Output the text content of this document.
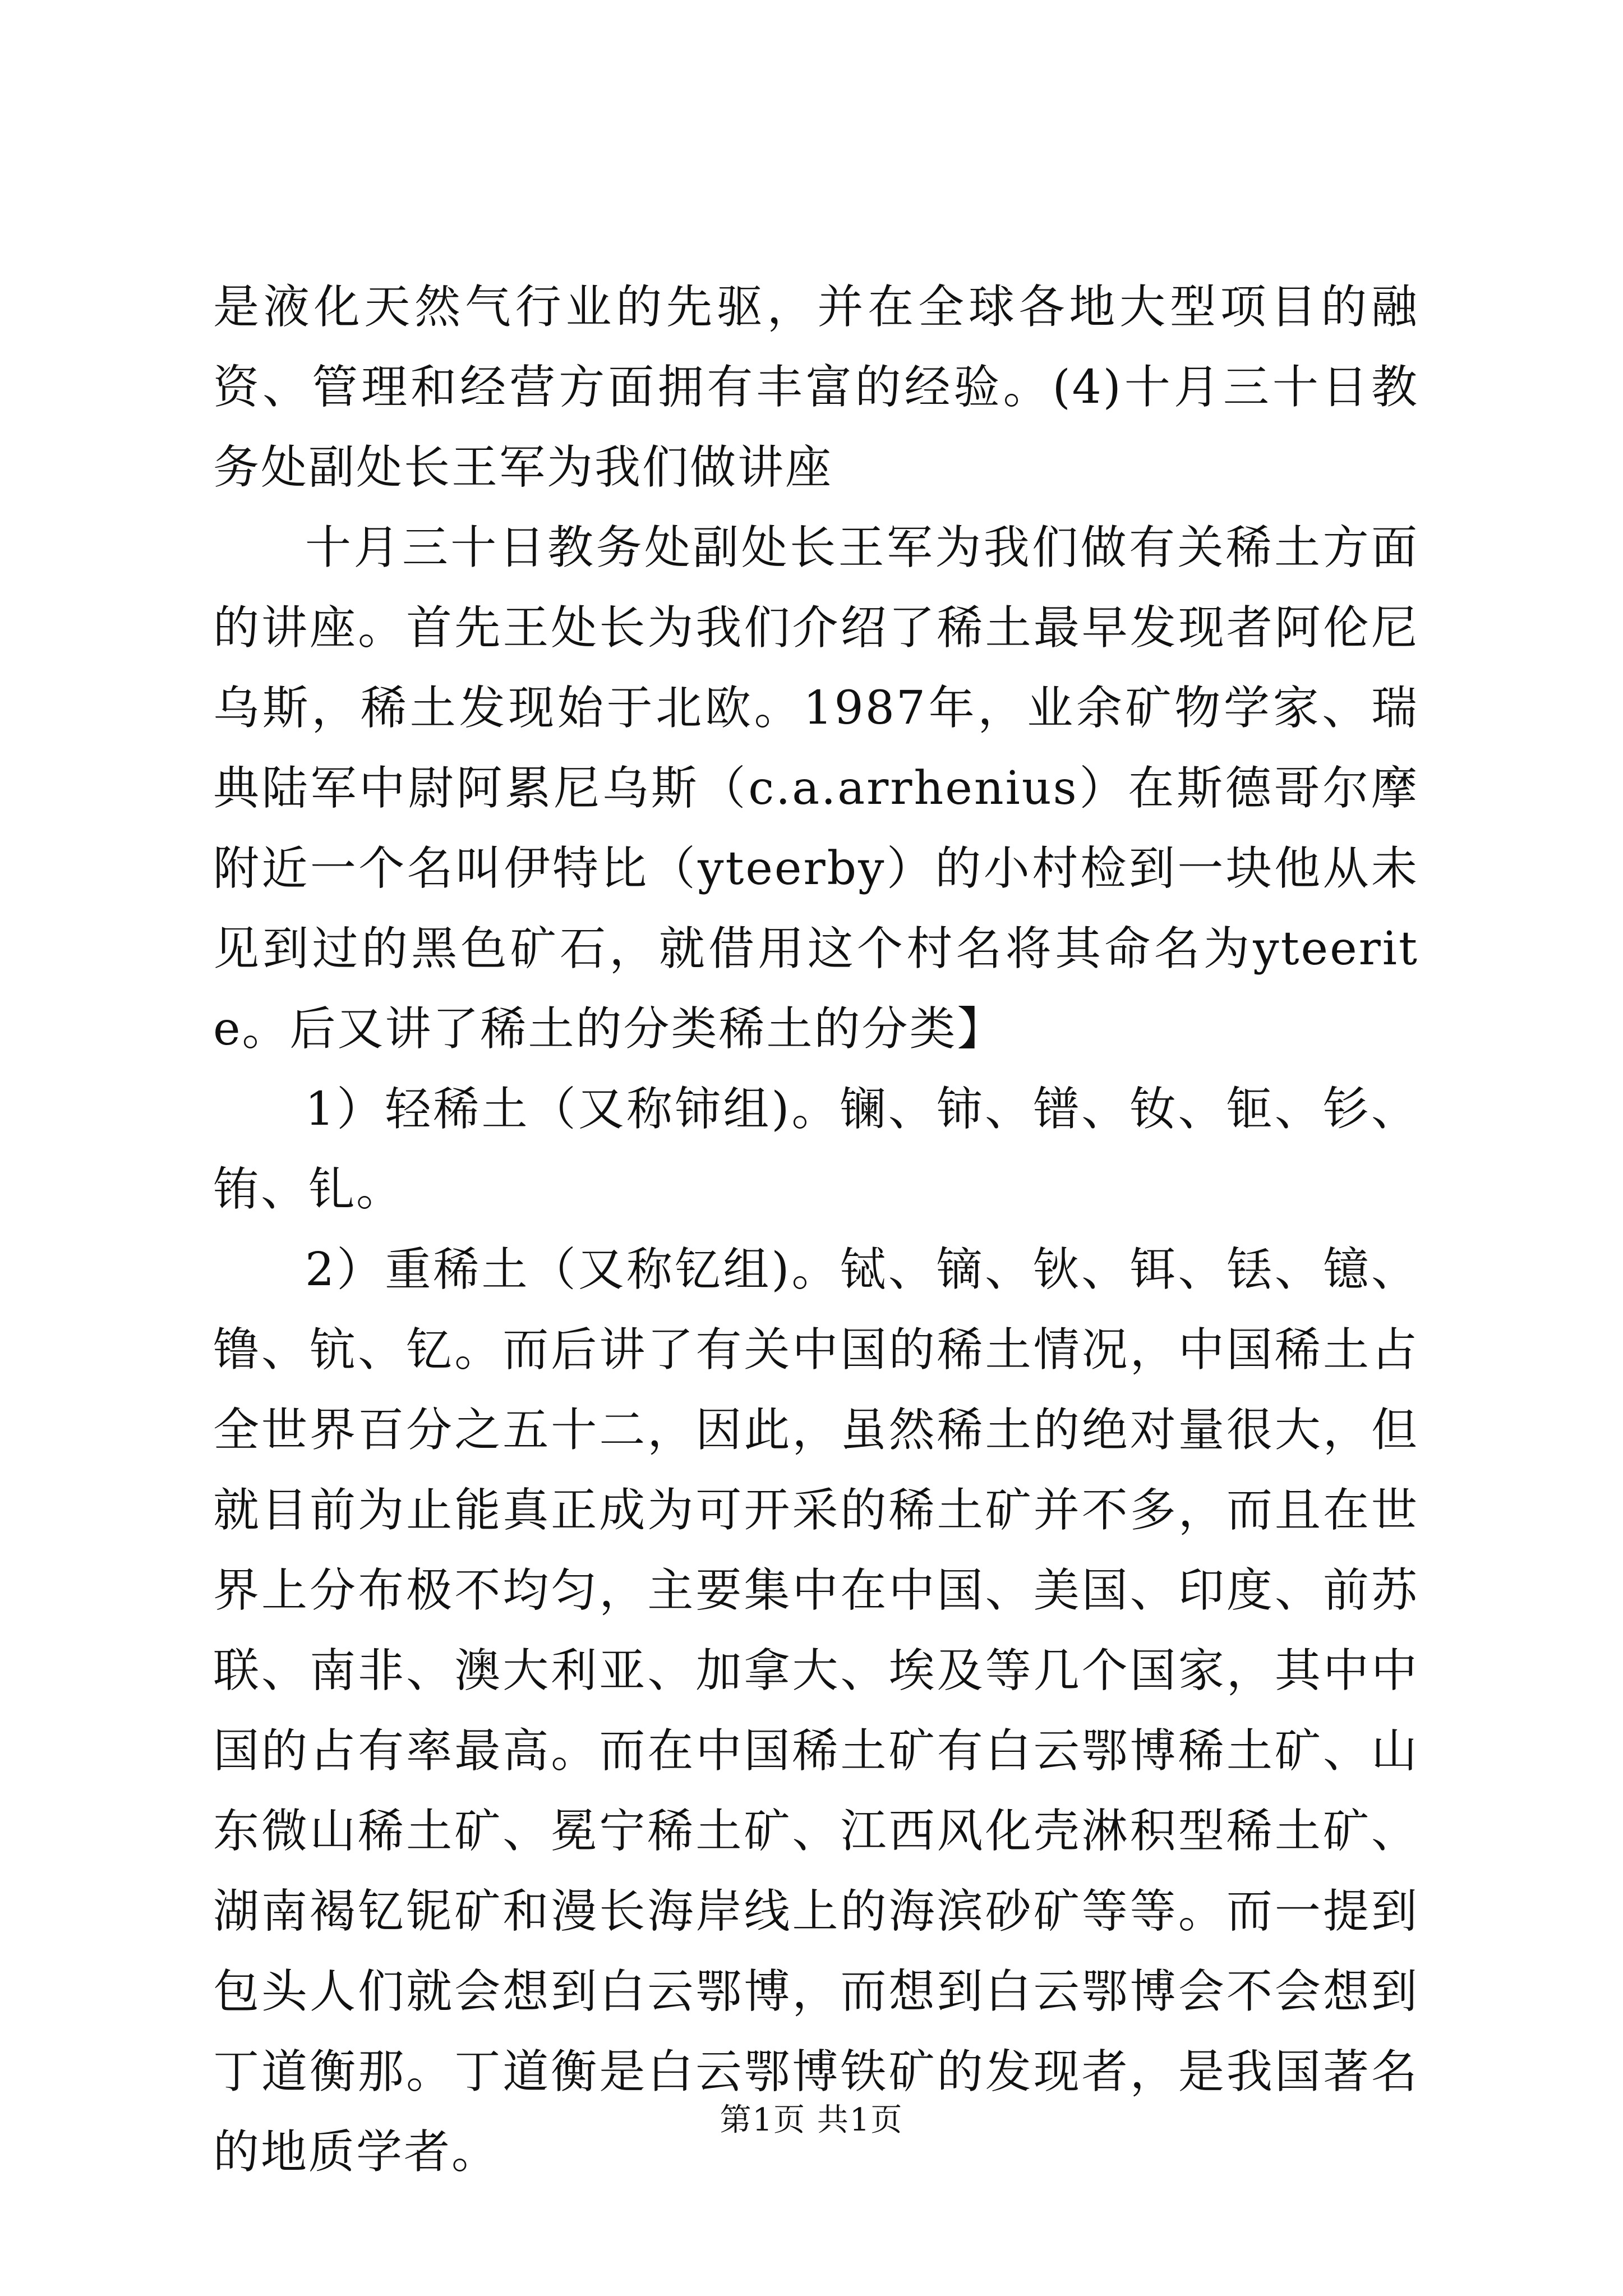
是液化天然气行业的先驱，并在全球各地大型项目的融资、管理和经营方面拥有丰富的经验。(4)十月三十日教务处副处长王军为我们做讲座

十月三十日教务处副处长王军为我们做有关稀土方面的讲座。首先王处长为我们介绍了稀土最早发现者阿伦尼乌斯，稀土发现始于北欧。1987年，业余矿物学家、瑞典陆军中尉阿累尼乌斯（c.a.arrhenius）在斯德哥尔摩附近一个名叫伊特比（yteerby）的小村检到一块他从未见到过的黑色矿石，就借用这个村名将其命名为yteerite。后又讲了稀土的分类稀土的分类】

1）轻稀土（又称铈组)。镧、铈、镨、钕、钷、钐、铕、钆。

2）重稀土（又称钇组)。铽、镝、钬、铒、铥、镱、镥、钪、钇。而后讲了有关中国的稀土情况，中国稀土占全世界百分之五十二，因此，虽然稀土的绝对量很大，但就目前为止能真正成为可开采的稀土矿并不多，而且在世界上分布极不均匀，主要集中在中国、美国、印度、前苏联、南非、澳大利亚、加拿大、埃及等几个国家，其中中国的占有率最高。而在中国稀土矿有白云鄂博稀土矿、山东微山稀土矿、冕宁稀土矿、江西风化壳淋积型稀土矿、湖南褐钇铌矿和漫长海岸线上的海滨砂矿等等。而一提到包头人们就会想到白云鄂博，而想到白云鄂博会不会想到丁道衡那。丁道衡是白云鄂博铁矿的发现者，是我国著名的地质学者。

第1页 共1页
